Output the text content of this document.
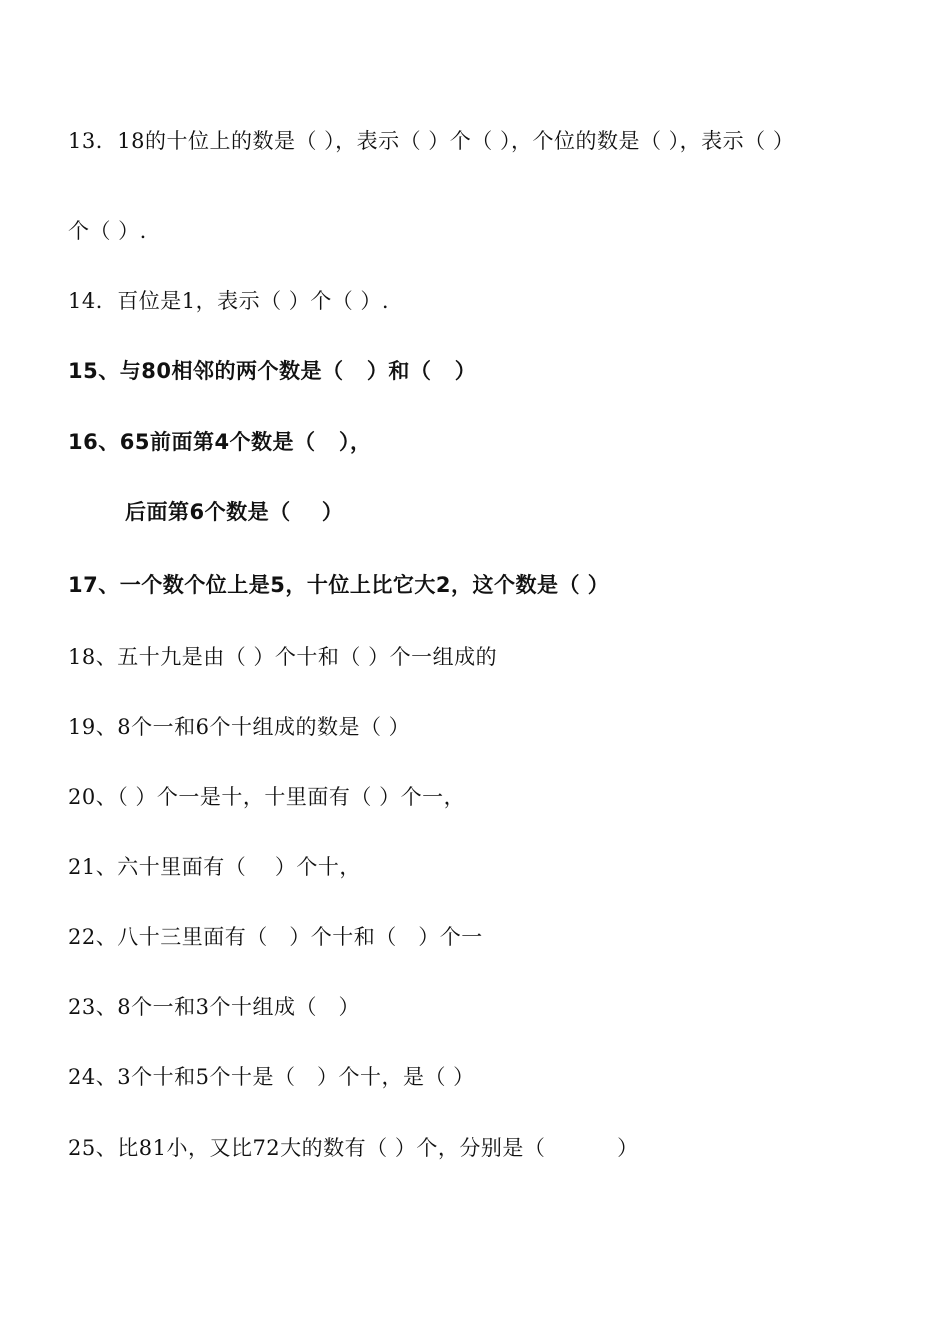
13．18的十位上的数是（ ），表示（ ）个（ ），个位的数是（ ），表示（ ）
个（ ）.
14．百位是1，表示（ ）个（ ）.
15、与80相邻的两个数是（   ）和（   ）
16、65前面第4个数是（   ），
后面第6个数是（    ）
17、一个数个位上是5，十位上比它大2，这个数是（ ）
18、五十九是由（ ）个十和（ ）个一组成的
19、8个一和6个十组成的数是（ ）
20、（ ）个一是十，十里面有（ ）个一，
21、六十里面有（    ）个十，
22、八十三里面有（   ）个十和（   ）个一
23、8个一和3个十组成（   ）
24、3个十和5个十是（   ）个十，是（ ）
25、比81小，又比72大的数有（ ）个，分别是（          ）
